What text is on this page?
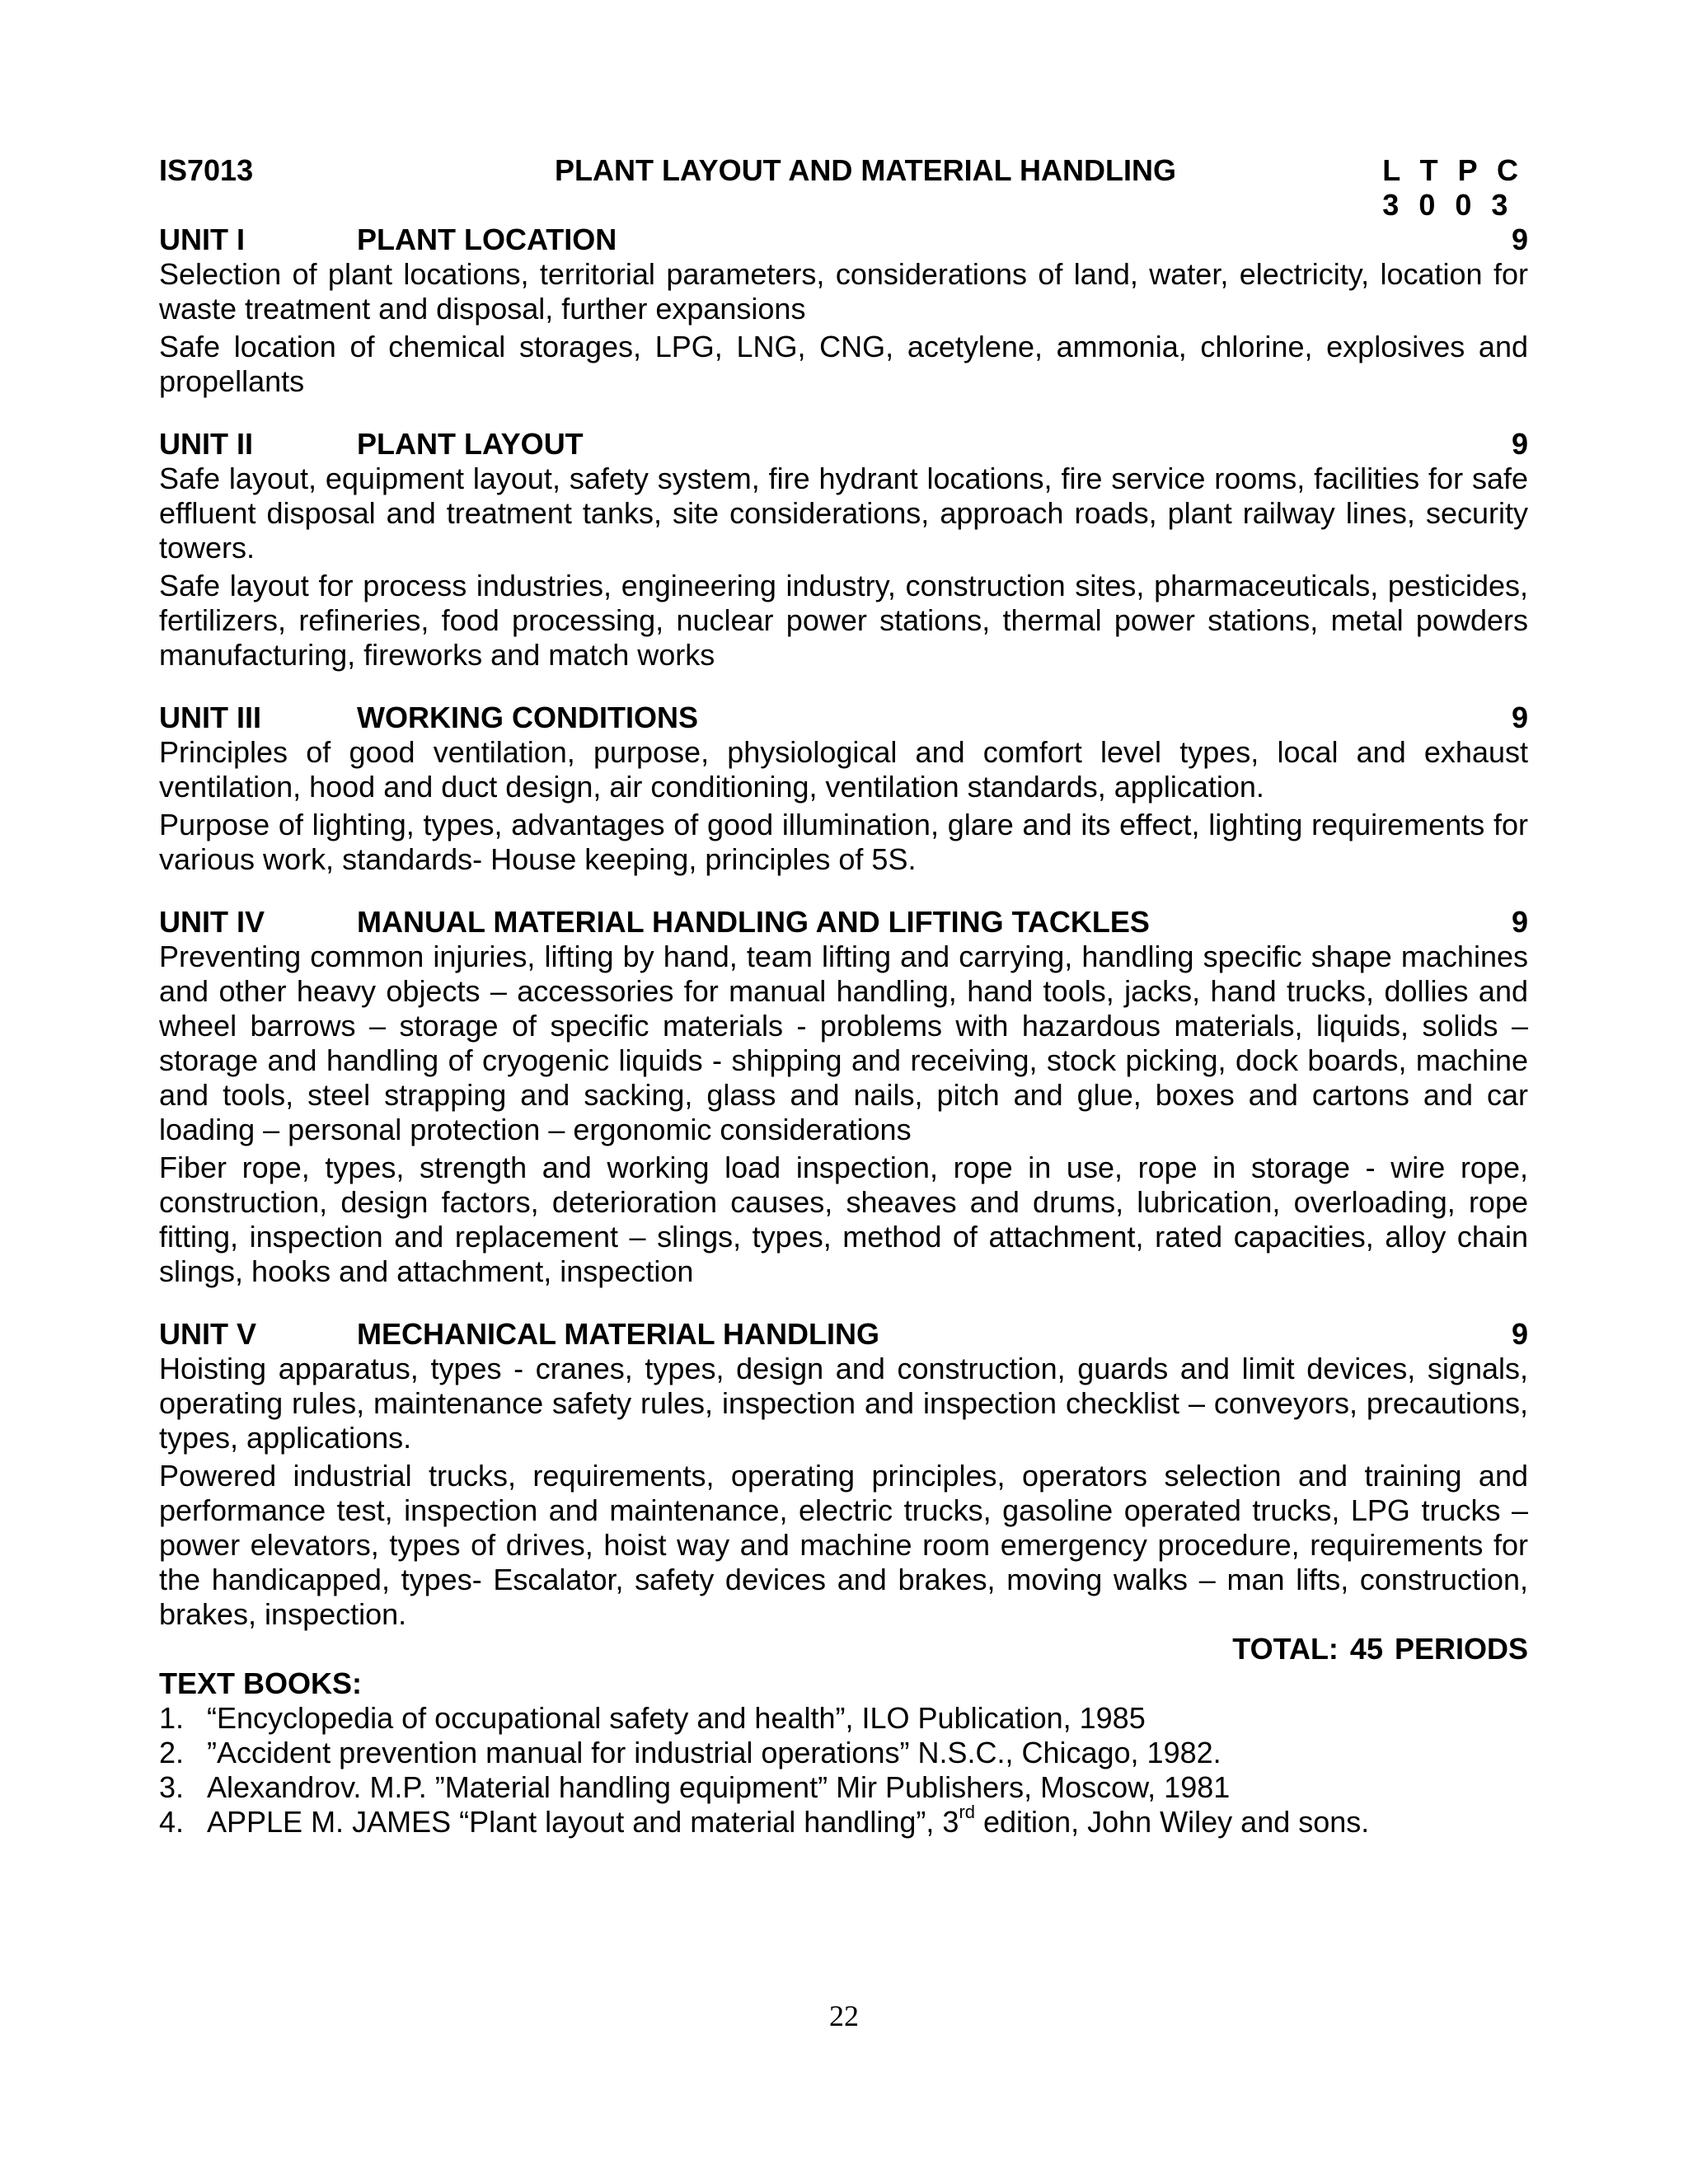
IS7013	PLANT LAYOUT AND MATERIAL HANDLING	L T P C
3 0 0 3
UNIT I	PLANT LOCATION	9

Selection of plant locations, territorial parameters, considerations of land, water, electricity, location for waste treatment and disposal, further expansions

Safe location of chemical storages, LPG, LNG, CNG, acetylene, ammonia, chlorine, explosives and propellants

UNIT II	PLANT LAYOUT	9

Safe layout, equipment layout, safety system, fire hydrant locations, fire service rooms, facilities for safe effluent disposal and treatment tanks, site considerations, approach roads, plant railway lines, security towers.

Safe layout for process industries, engineering industry, construction sites, pharmaceuticals, pesticides, fertilizers, refineries, food processing, nuclear power stations, thermal power stations, metal powders manufacturing, fireworks and match works

UNIT III	WORKING CONDITIONS	9

Principles of good ventilation, purpose, physiological and comfort level types, local and exhaust ventilation, hood and duct design, air conditioning, ventilation standards, application.

Purpose of lighting, types, advantages of good illumination, glare and its effect, lighting requirements for various work, standards- House keeping, principles of 5S.

UNIT IV	MANUAL MATERIAL HANDLING AND LIFTING TACKLES	9

Preventing common injuries, lifting by hand, team lifting and carrying, handling specific shape machines and other heavy objects – accessories for manual handling, hand tools, jacks, hand trucks, dollies and wheel barrows – storage of specific materials - problems with hazardous materials, liquids, solids – storage and handling of cryogenic liquids - shipping and receiving, stock picking, dock boards, machine and tools, steel strapping and sacking, glass and nails, pitch and glue, boxes and cartons and car loading – personal protection – ergonomic considerations

Fiber rope, types, strength and working load inspection, rope in use, rope in storage - wire rope, construction, design factors, deterioration causes, sheaves and drums, lubrication, overloading, rope fitting, inspection and replacement – slings, types, method of attachment, rated capacities, alloy chain slings, hooks and attachment, inspection

UNIT V	MECHANICAL MATERIAL HANDLING	9

Hoisting apparatus, types - cranes, types, design and construction, guards and limit devices, signals, operating rules, maintenance safety rules, inspection and inspection checklist – conveyors, precautions, types, applications.

Powered industrial trucks, requirements, operating principles, operators selection and training and performance test, inspection and maintenance, electric trucks, gasoline operated trucks, LPG trucks – power elevators, types of drives, hoist way and machine room emergency procedure, requirements for the handicapped, types- Escalator, safety devices and brakes, moving walks – man lifts, construction, brakes, inspection.

TOTAL: 45 PERIODS
TEXT BOOKS:
1. “Encyclopedia of occupational safety and health”, ILO Publication, 1985
2. ”Accident prevention manual for industrial operations” N.S.C., Chicago, 1982.
3. Alexandrov. M.P. ”Material handling equipment” Mir Publishers, Moscow, 1981
4. APPLE M. JAMES “Plant layout and material handling”, 3rd edition, John Wiley and sons.
22
